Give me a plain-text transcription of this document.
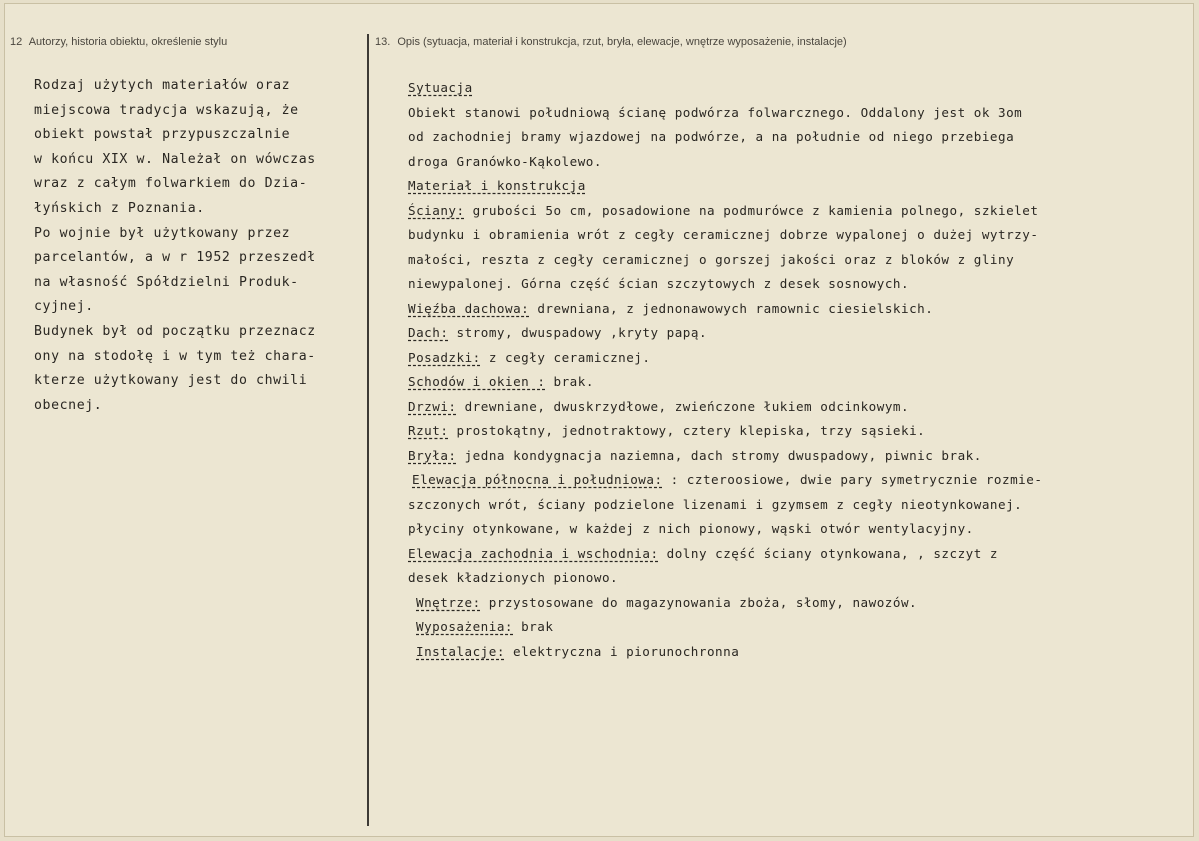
12 Autorzy, historia obiektu, określenie stylu	13. Opis (sytuacja, materiał i konstrukcja, rzut, bryła, elewacje, wnętrze wyposażenie, instalacje)
Rodzaj użytych materiałów oraz
miejscowa tradycja wskazują, że
obiekt powstał przypuszczalnie
w końcu XIX w. Należał on wówczas
wraz z całym folwarkiem do Dzia-
łyńskich z Poznania.
Po wojnie był użytkowany przez
parcelantów, a w r 1952 przeszedł
na własność Spółdzielni Produk-
cyjnej.
Budynek był od początku przeznacz
ony na stodołę i w tym też chara-
kterze użytkowany jest do chwili
obecnej.
Sytuacja
Obiekt stanowi południową ścianę podwórza folwarcznego. Oddalony jest ok 3om
od zachodniej bramy wjazdowej na podwórze, a na południe od niego przebiega
droga Granówko-Kąkolewo.
Materiał i konstrukcja
Ściany: grubości 5o cm, posadowione na podmurówce z kamienia polnego, szkielet
budynku i obramienia wrót z cegły ceramicznej dobrze wypalonej o dużej wytrzy-
małości, reszta z cegły ceramicznej o gorszej jakości oraz z bloków z gliny
niewypalonej. Górna część ścian szczytowych z desek sosnowych.
Więźba dachowa: drewniana, z jednonawowych ramownic ciesielskich.
Dach: stromy, dwuspadowy ,kryty papą.
Posadzki: z cegły ceramicznej.
Schodów i okien : brak.
Drzwi: drewniane, dwuskrzydłowe, zwieńczone łukiem odcinkowym.
Rzut: prostokątny, jednotraktowy, cztery klepiska, trzy sąsieki.
Bryła: jedna kondygnacja naziemna, dach stromy dwuspadowy, piwnic brak.
Elewacja północna i południowa: : czteroosiowe, dwie pary symetrycznie rozmie-
szczonych wrót, ściany podzielone lizenami i gzymsem z cegły nieotynkowanej.
płyciny otynkowane, w każdej z nich pionowy, wąski otwór wentylacyjny.
Elewacja zachodnia i wschodnia: dolny część ściany otynkowana, , szczyt z
desek kładzionych pionowo.
Wnętrze: przystosowane do magazynowania zboża, słomy, nawozów.
Wyposażenia: brak
Instalacje: elektryczna i piorunochronna
